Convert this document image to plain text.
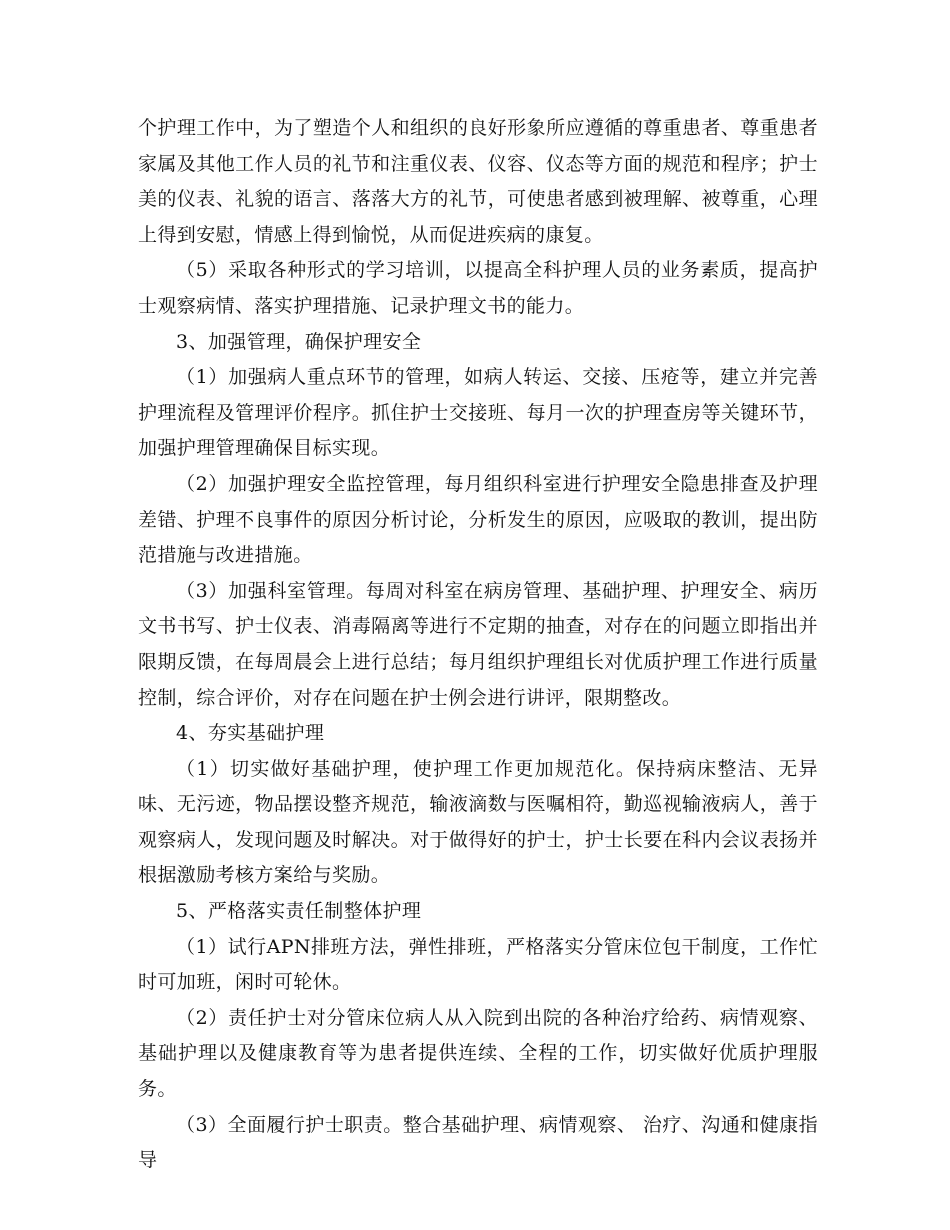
个护理工作中，为了塑造个人和组织的良好形象所应遵循的尊重患者、尊重患者家属及其他工作人员的礼节和注重仪表、仪容、仪态等方面的规范和程序；护士美的仪表、礼貌的语言、落落大方的礼节，可使患者感到被理解、被尊重，心理上得到安慰，情感上得到愉悦，从而促进疾病的康复。

（5）采取各种形式的学习培训，以提高全科护理人员的业务素质，提高护士观察病情、落实护理措施、记录护理文书的能力。

3、加强管理，确保护理安全

（1）加强病人重点环节的管理，如病人转运、交接、压疮等，建立并完善护理流程及管理评价程序。抓住护士交接班、每月一次的护理查房等关键环节，加强护理管理确保目标实现。

（2）加强护理安全监控管理，每月组织科室进行护理安全隐患排查及护理差错、护理不良事件的原因分析讨论，分析发生的原因，应吸取的教训，提出防范措施与改进措施。

（3）加强科室管理。每周对科室在病房管理、基础护理、护理安全、病历文书书写、护士仪表、消毒隔离等进行不定期的抽查，对存在的问题立即指出并限期反馈，在每周晨会上进行总结；每月组织护理组长对优质护理工作进行质量控制，综合评价，对存在问题在护士例会进行讲评，限期整改。

4、夯实基础护理

（1）切实做好基础护理，使护理工作更加规范化。保持病床整洁、无异味、无污迹，物品摆设整齐规范，输液滴数与医嘱相符，勤巡视输液病人，善于观察病人，发现问题及时解决。对于做得好的护士，护士长要在科内会议表扬并根据激励考核方案给与奖励。

5、严格落实责任制整体护理

（1）试行APN排班方法，弹性排班，严格落实分管床位包干制度，工作忙时可加班，闲时可轮休。

（2）责任护士对分管床位病人从入院到出院的各种治疗给药、病情观察、基础护理以及健康教育等为患者提供连续、全程的工作，切实做好优质护理服务。

（3）全面履行护士职责。整合基础护理、病情观察、 治疗、沟通和健康指导
